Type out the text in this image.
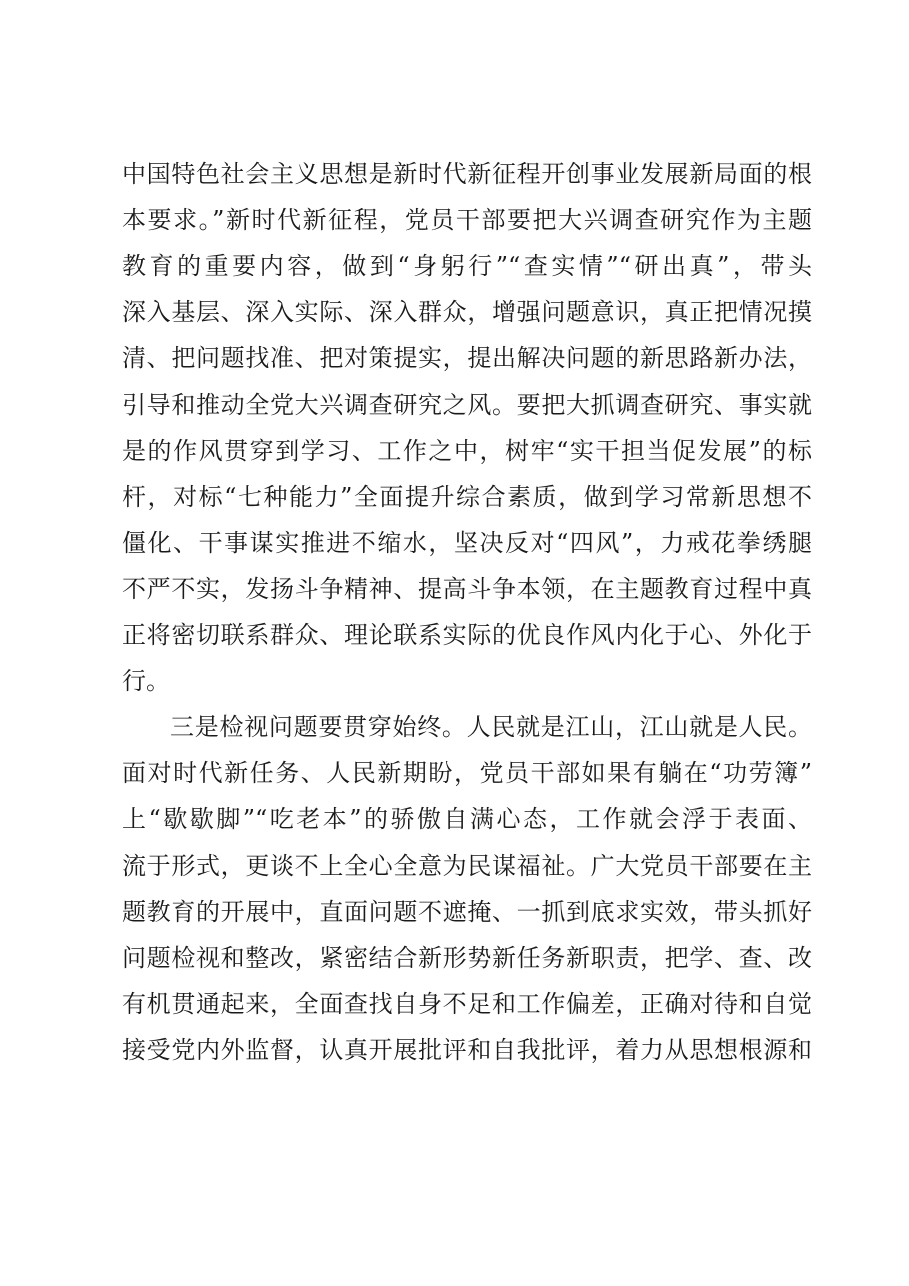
中国特色社会主义思想是新时代新征程开创事业发展新局面的根
本要求。”新时代新征程，党员干部要把大兴调查研究作为主题
教育的重要内容，做到“身躬行”“查实情”“研出真”，带头
深入基层、深入实际、深入群众，增强问题意识，真正把情况摸
清、把问题找准、把对策提实，提出解决问题的新思路新办法，
引导和推动全党大兴调查研究之风。要把大抓调查研究、事实就
是的作风贯穿到学习、工作之中，树牢“实干担当促发展”的标
杆，对标“七种能力”全面提升综合素质，做到学习常新思想不
僵化、干事谋实推进不缩水，坚决反对“四风”，力戒花拳绣腿
不严不实，发扬斗争精神、提高斗争本领，在主题教育过程中真
正将密切联系群众、理论联系实际的优良作风内化于心、外化于
行。
三是检视问题要贯穿始终。人民就是江山，江山就是人民。
面对时代新任务、人民新期盼，党员干部如果有躺在“功劳簿”
上“歇歇脚”“吃老本”的骄傲自满心态，工作就会浮于表面、
流于形式，更谈不上全心全意为民谋福祉。广大党员干部要在主
题教育的开展中，直面问题不遮掩、一抓到底求实效，带头抓好
问题检视和整改，紧密结合新形势新任务新职责，把学、查、改
有机贯通起来，全面查找自身不足和工作偏差，正确对待和自觉
接受党内外监督，认真开展批评和自我批评，着力从思想根源和
